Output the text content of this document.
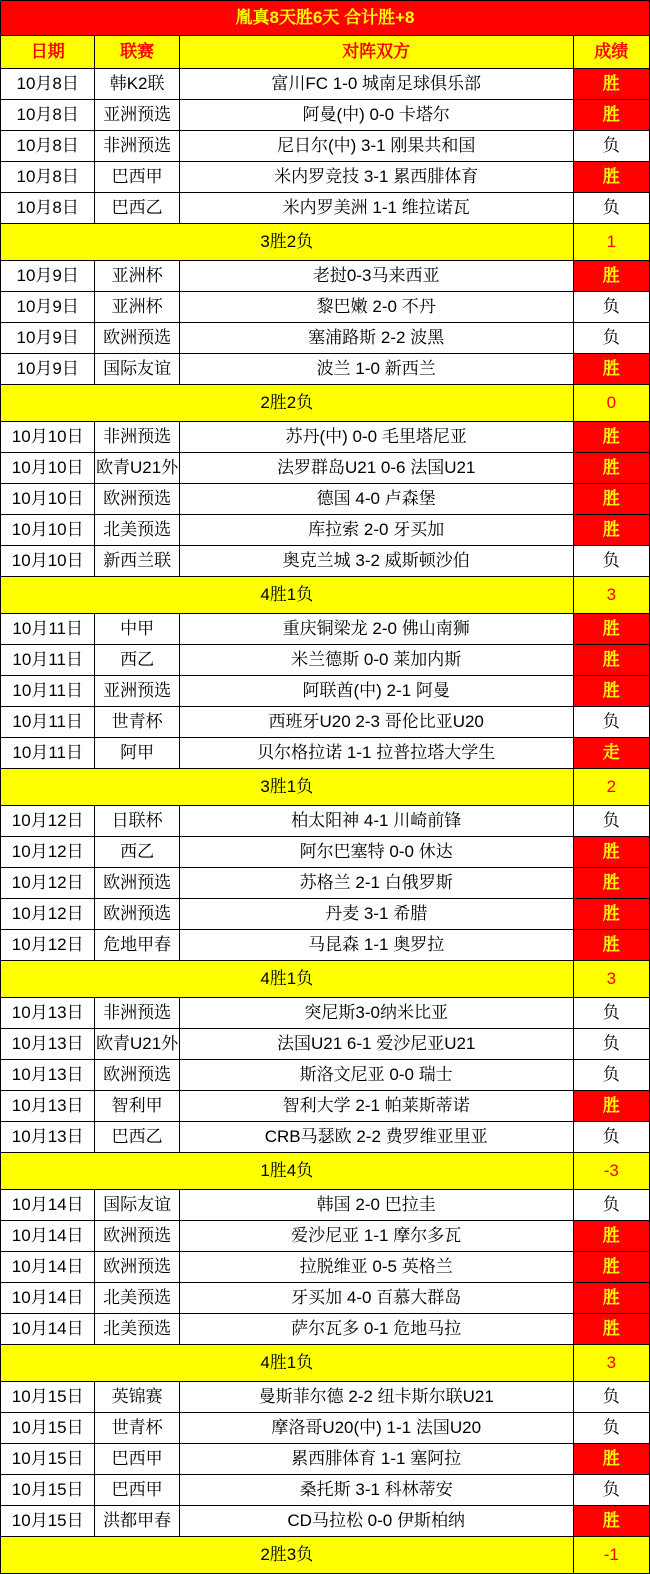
胤真8天胜6天 合计胜+8			
日期	联赛	对阵双方	成绩
10月8日	韩K2联	富川FC 1-0 城南足球俱乐部	胜
10月8日	亚洲预选	阿曼(中) 0-0 卡塔尔	胜
10月8日	非洲预选	尼日尔(中) 3-1 刚果共和国	负
10月8日	巴西甲	米内罗竞技 3-1 累西腓体育	胜
10月8日	巴西乙	米内罗美洲 1-1 维拉诺瓦	负
3胜2负			1
10月9日	亚洲杯	老挝0-3马来西亚	胜
10月9日	亚洲杯	黎巴嫩 2-0 不丹	负
10月9日	欧洲预选	塞浦路斯 2-2 波黑	负
10月9日	国际友谊	波兰 1-0 新西兰	胜
2胜2负			0
10月10日	非洲预选	苏丹(中) 0-0 毛里塔尼亚	胜
10月10日	欧青U21外	法罗群岛U21 0-6 法国U21	胜
10月10日	欧洲预选	德国 4-0 卢森堡	胜
10月10日	北美预选	库拉索 2-0 牙买加	胜
10月10日	新西兰联	奥克兰城 3-2 威斯顿沙伯	负
4胜1负			3
10月11日	中甲	重庆铜梁龙 2-0 佛山南狮	胜
10月11日	西乙	米兰德斯 0-0 莱加内斯	胜
10月11日	亚洲预选	阿联酋(中) 2-1 阿曼	胜
10月11日	世青杯	西班牙U20 2-3 哥伦比亚U20	负
10月11日	阿甲	贝尔格拉诺 1-1 拉普拉塔大学生	走
3胜1负			2
10月12日	日联杯	柏太阳神 4-1 川崎前锋	负
10月12日	西乙	阿尔巴塞特 0-0 休达	胜
10月12日	欧洲预选	苏格兰 2-1 白俄罗斯	胜
10月12日	欧洲预选	丹麦 3-1 希腊	胜
10月12日	危地甲春	马昆森 1-1 奥罗拉	胜
4胜1负			3
10月13日	非洲预选	突尼斯3-0纳米比亚	负
10月13日	欧青U21外	法国U21 6-1 爱沙尼亚U21	负
10月13日	欧洲预选	斯洛文尼亚 0-0 瑞士	负
10月13日	智利甲	智利大学 2-1 帕莱斯蒂诺	胜
10月13日	巴西乙	CRB马瑟欧 2-2 费罗维亚里亚	负
1胜4负			-3
10月14日	国际友谊	韩国 2-0 巴拉圭	负
10月14日	欧洲预选	爱沙尼亚 1-1 摩尔多瓦	胜
10月14日	欧洲预选	拉脱维亚 0-5 英格兰	胜
10月14日	北美预选	牙买加 4-0 百慕大群岛	胜
10月14日	北美预选	萨尔瓦多 0-1 危地马拉	胜
4胜1负			3
10月15日	英锦赛	曼斯菲尔德 2-2 纽卡斯尔联U21	负
10月15日	世青杯	摩洛哥U20(中) 1-1 法国U20	负
10月15日	巴西甲	累西腓体育 1-1 塞阿拉	胜
10月15日	巴西甲	桑托斯 3-1 科林蒂安	负
10月15日	洪都甲春	CD马拉松 0-0 伊斯柏纳	胜
2胜3负			-1
